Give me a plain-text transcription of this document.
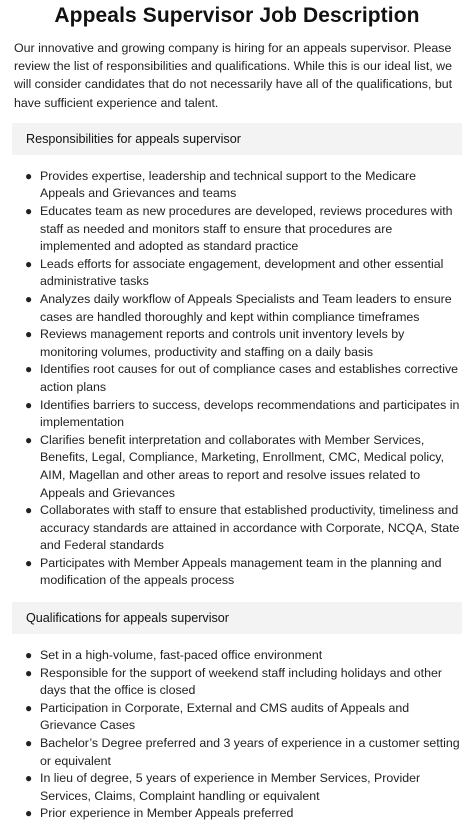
Appeals Supervisor Job Description

Our innovative and growing company is hiring for an appeals supervisor. Please review the list of responsibilities and qualifications. While this is our ideal list, we will consider candidates that do not necessarily have all of the qualifications, but have sufficient experience and talent.

Responsibilities for appeals supervisor
● Provides expertise, leadership and technical support to the Medicare Appeals and Grievances and teams
● Educates team as new procedures are developed, reviews procedures with staff as needed and monitors staff to ensure that procedures are implemented and adopted as standard practice
● Leads efforts for associate engagement, development and other essential administrative tasks
● Analyzes daily workflow of Appeals Specialists and Team leaders to ensure cases are handled thoroughly and kept within compliance timeframes
● Reviews management reports and controls unit inventory levels by monitoring volumes, productivity and staffing on a daily basis
● Identifies root causes for out of compliance cases and establishes corrective action plans
● Identifies barriers to success, develops recommendations and participates in implementation
● Clarifies benefit interpretation and collaborates with Member Services, Benefits, Legal, Compliance, Marketing, Enrollment, CMC, Medical policy, AIM, Magellan and other areas to report and resolve issues related to Appeals and Grievances
● Collaborates with staff to ensure that established productivity, timeliness and accuracy standards are attained in accordance with Corporate, NCQA, State and Federal standards
● Participates with Member Appeals management team in the planning and modification of the appeals process
Qualifications for appeals supervisor
● Set in a high-volume, fast-paced office environment
● Responsible for the support of weekend staff including holidays and other days that the office is closed
● Participation in Corporate, External and CMS audits of Appeals and Grievance Cases
● Bachelor’s Degree preferred and 3 years of experience in a customer setting or equivalent
● In lieu of degree, 5 years of experience in Member Services, Provider Services, Claims, Complaint handling or equivalent
● Prior experience in Member Appeals preferred
